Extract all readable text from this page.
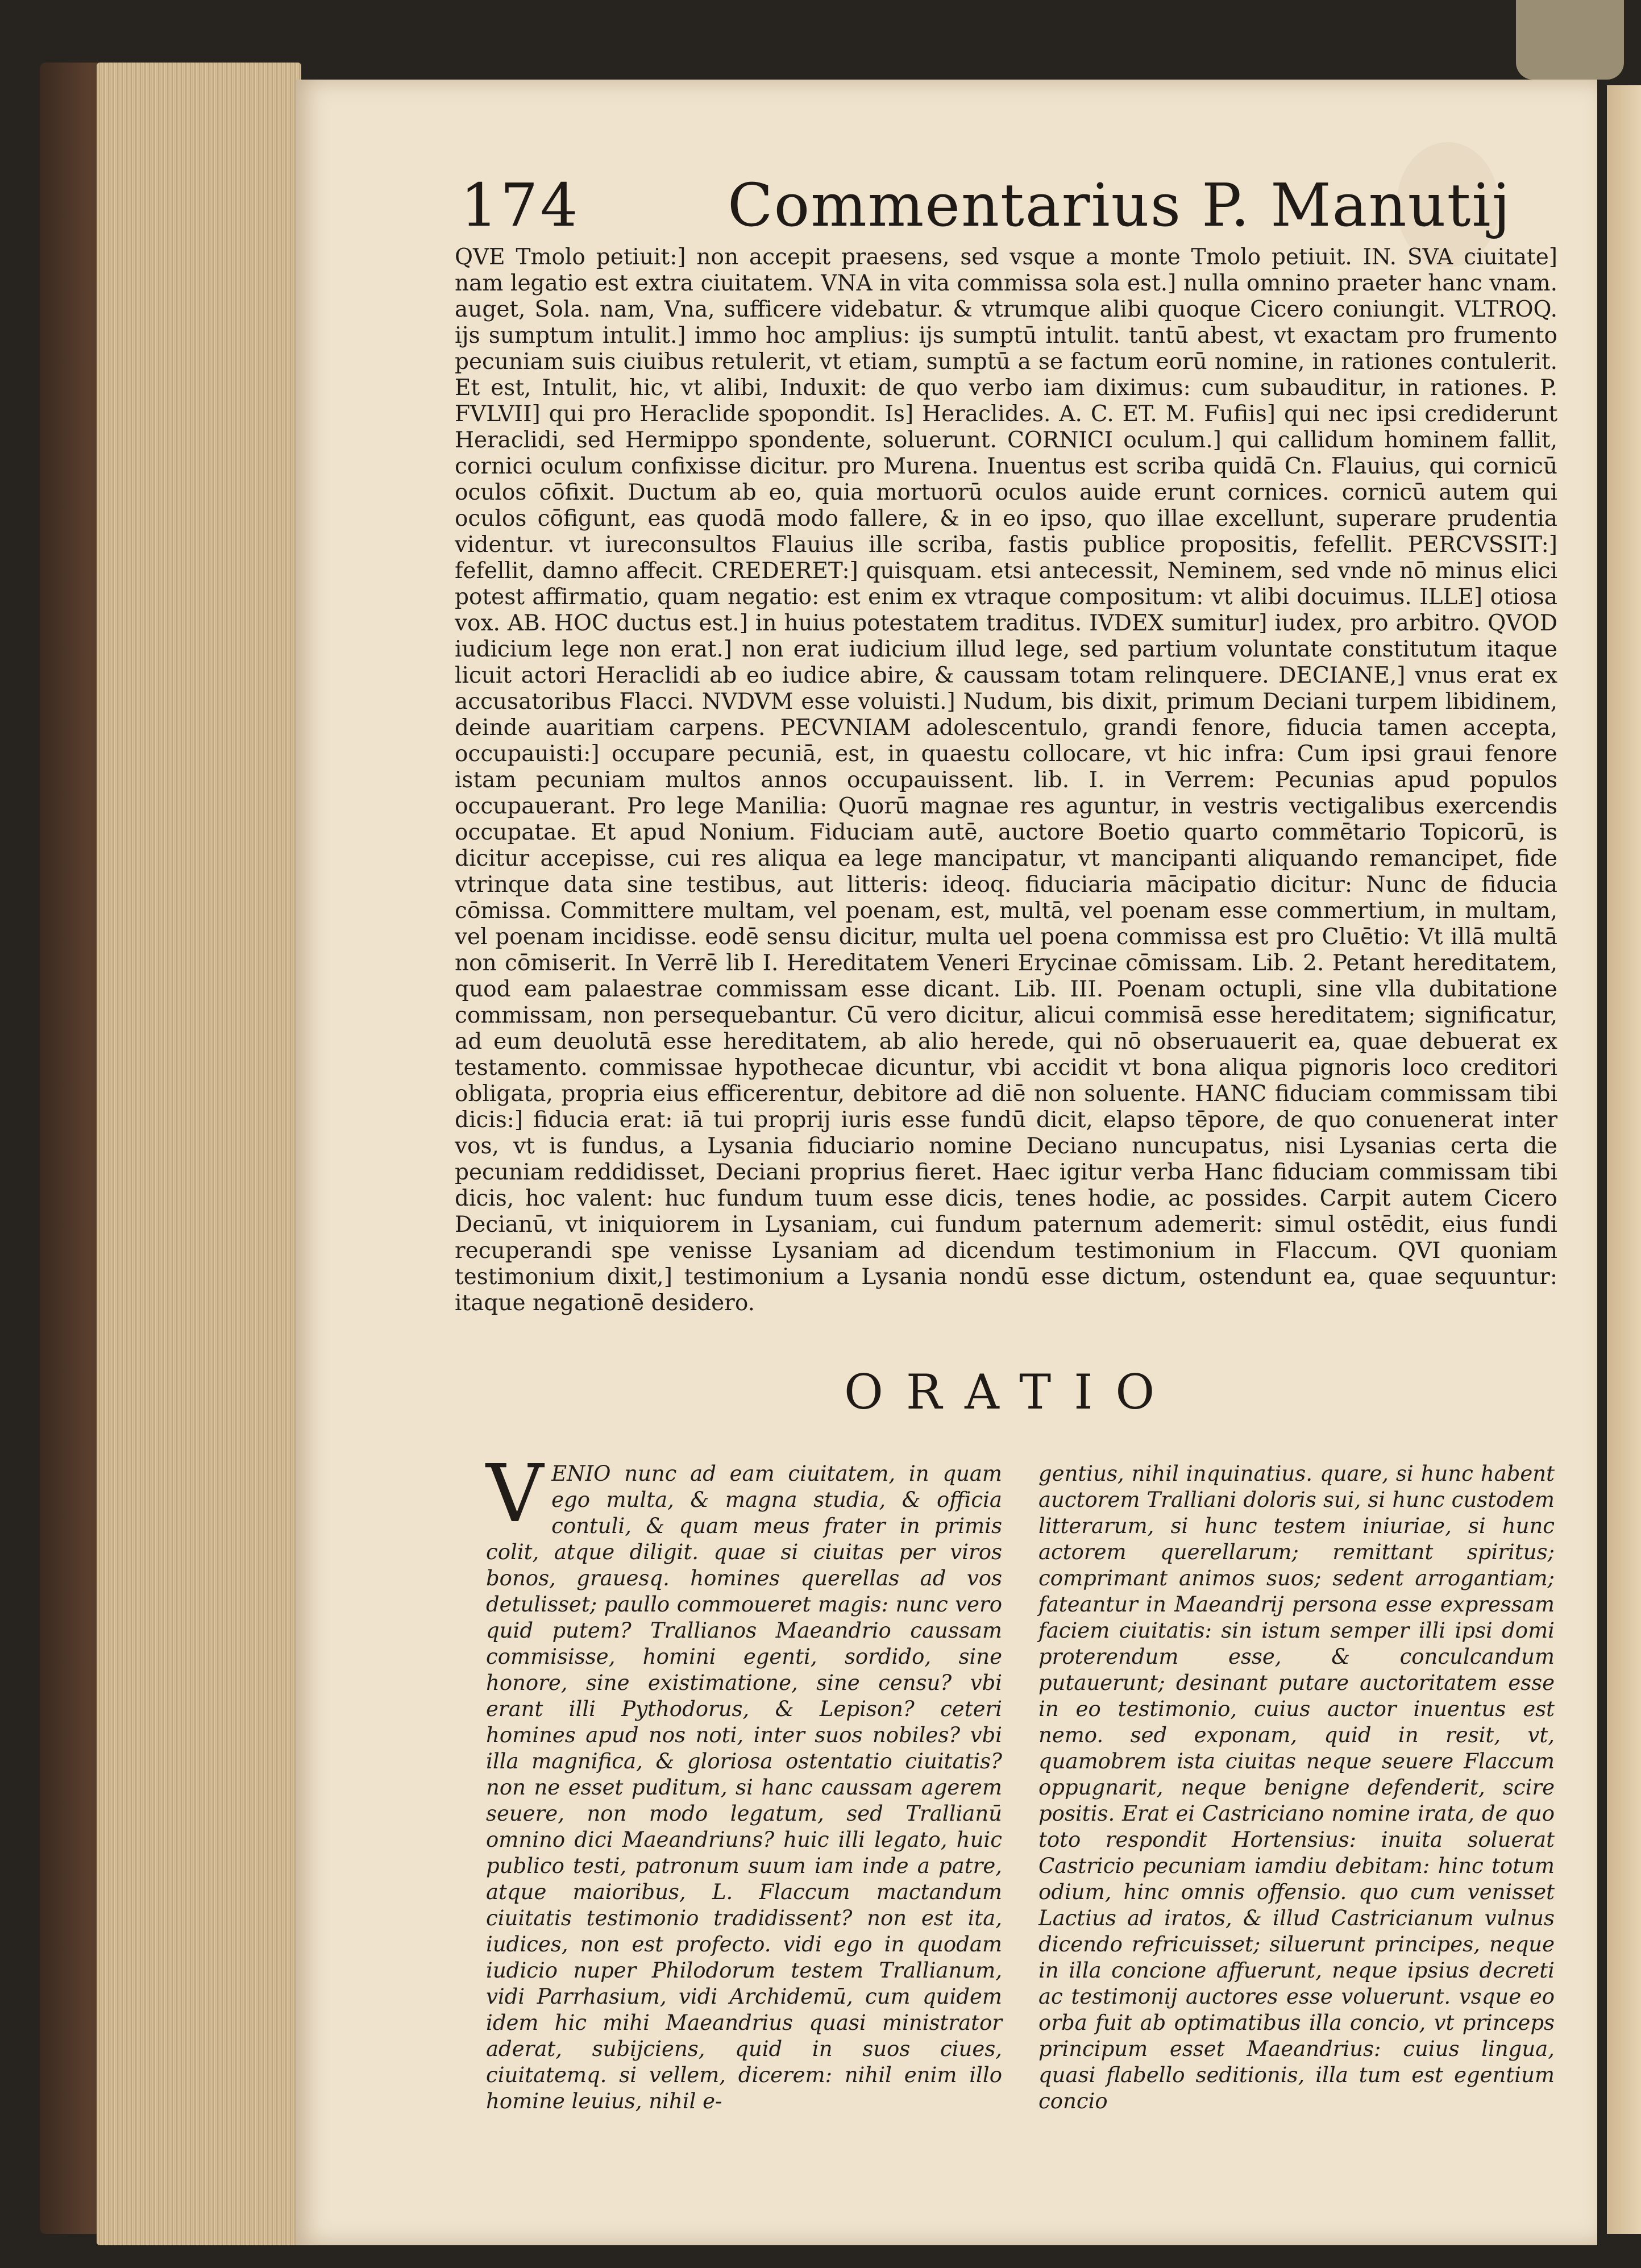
174 Commentarius P. Manutij
QVE Tmolo petiuit:] non accepit praesens, sed vsque a monte Tmolo petiuit. IN. SVA ciuitate] nam legatio est extra ciuitatem. VNA in vita commissa sola est.] nulla omnino praeter hanc vnam. auget, Sola. nam, Vna, sufficere videbatur. & vtrumque alibi quoque Cicero coniungit. VLTROQ. ijs sumptum intulit.] immo hoc amplius: ijs sumptū intulit. tantū abest, vt exactam pro frumento pecuniam suis ciuibus retulerit, vt etiam, sumptū a se factum eorū nomine, in rationes contulerit. Et est, Intulit, hic, vt alibi, Induxit: de quo verbo iam diximus: cum subauditur, in rationes. P. FVLVII] qui pro Heraclide spopondit. Is] Heraclides. A. C. ET. M. Fufiis] qui nec ipsi crediderunt Heraclidi, sed Hermippo spondente, soluerunt. CORNICI oculum.] qui callidum hominem fallit, cornici oculum confixisse dicitur. pro Murena. Inuentus est scriba quidā Cn. Flauius, qui cornicū oculos cōfixit. Ductum ab eo, quia mortuorū oculos auide erunt cornices. cornicū autem qui oculos cōfigunt, eas quodā modo fallere, & in eo ipso, quo illae excellunt, superare prudentia videntur. vt iureconsultos Flauius ille scriba, fastis publice propositis, fefellit. PERCVSSIT:] fefellit, damno affecit. CREDERET:] quisquam. etsi antecessit, Neminem, sed vnde nō minus elici potest affirmatio, quam negatio: est enim ex vtraque compositum: vt alibi docuimus. ILLE] otiosa vox. AB. HOC ductus est.] in huius potestatem traditus. IVDEX sumitur] iudex, pro arbitro. QVOD iudicium lege non erat.] non erat iudicium illud lege, sed partium voluntate constitutum itaque licuit actori Heraclidi ab eo iudice abire, & caussam totam relinquere. DECIANE,] vnus erat ex accusatoribus Flacci. NVDVM esse voluisti.] Nudum, bis dixit, primum Deciani turpem libidinem, deinde auaritiam carpens. PECVNIAM adolescentulo, grandi fenore, fiducia tamen accepta, occupauisti:] occupare pecuniā, est, in quaestu collocare, vt hic infra: Cum ipsi graui fenore istam pecuniam multos annos occupauissent. lib. I. in Verrem: Pecunias apud populos occupauerant. Pro lege Manilia: Quorū magnae res aguntur, in vestris vectigalibus exercendis occupatae. Et apud Nonium. Fiduciam autē, auctore Boetio quarto commētario Topicorū, is dicitur accepisse, cui res aliqua ea lege mancipatur, vt mancipanti aliquando remancipet, fide vtrinque data sine testibus, aut litteris: ideoq. fiduciaria mācipatio dicitur: Nunc de fiducia cōmissa. Committere multam, vel poenam, est, multā, vel poenam esse commertium, in multam, vel poenam incidisse. eodē sensu dicitur, multa uel poena commissa est pro Cluētio: Vt illā multā non cōmiserit. In Verrē lib I. Hereditatem Veneri Erycinae cōmissam. Lib. 2. Petant hereditatem, quod eam palaestrae commissam esse dicant. Lib. III. Poenam octupli, sine vlla dubitatione commissam, non persequebantur. Cū vero dicitur, alicui commisā esse hereditatem; significatur, ad eum deuolutā esse hereditatem, ab alio herede, qui nō obseruauerit ea, quae debuerat ex testamento. commissae hypothecae dicuntur, vbi accidit vt bona aliqua pignoris loco creditori obligata, propria eius efficerentur, debitore ad diē non soluente. HANC fiduciam commissam tibi dicis:] fiducia erat: iā tui proprij iuris esse fundū dicit, elapso tēpore, de quo conuenerat inter vos, vt is fundus, a Lysania fiduciario nomine Deciano nuncupatus, nisi Lysanias certa die pecuniam reddidisset, Deciani proprius fieret. Haec igitur verba Hanc fiduciam commissam tibi dicis, hoc valent: huc fundum tuum esse dicis, tenes hodie, ac possides. Carpit autem Cicero Decianū, vt iniquiorem in Lysaniam, cui fundum paternum ademerit: simul ostēdit, eius fundi recuperandi spe venisse Lysaniam ad dicendum testimonium in Flaccum. QVI quoniam testimonium dixit,] testimonium a Lysania nondū esse dictum, ostendunt ea, quae sequuntur: itaque negationē desidero.
ORATIO
V ENIO nunc ad eam ciuitatem, in quam ego multa, & magna studia, & officia contuli, & quam meus frater in primis colit, atque diligit. quae si ciuitas per viros bonos, grauesq. homines querellas ad vos detulisset; paullo commoueret magis: nunc vero quid putem? Trallianos Maeandrio caussam commisisse, homini egenti, sordido, sine honore, sine existimatione, sine censu? vbi erant illi Pythodorus, & Lepison? ceteri homines apud nos noti, inter suos nobiles? vbi illa magnifica, & gloriosa ostentatio ciuitatis? non ne esset puditum, si hanc caussam agerem seuere, non modo legatum, sed Trallianū omnino dici Maeandriuns? huic illi legato, huic publico testi, patronum suum iam inde a patre, atque maioribus, L. Flaccum mactandum ciuitatis testimonio tradidissent? non est ita, iudices, non est profecto. vidi ego in quodam iudicio nuper Philodorum testem Trallianum, vidi Parrhasium, vidi Archidemū, cum quidem idem hic mihi Maeandrius quasi ministrator aderat, subijciens, quid in suos ciues, ciuitatemq. si vellem, dicerem: nihil enim illo homine leuius, nihil e-
gentius, nihil inquinatius. quare, si hunc habent auctorem Tralliani doloris sui, si hunc custodem litterarum, si hunc testem iniuriae, si hunc actorem querellarum; remittant spiritus; comprimant animos suos; sedent arrogantiam; fateantur in Maeandrij persona esse expressam faciem ciuitatis: sin istum semper illi ipsi domi proterendum esse, & conculcandum putauerunt; desinant putare auctoritatem esse in eo testimonio, cuius auctor inuentus est nemo. sed exponam, quid in resit, vt, quamobrem ista ciuitas neque seuere Flaccum oppugnarit, neque benigne defenderit, scire positis. Erat ei Castriciano nomine irata, de quo toto respondit Hortensius: inuita soluerat Castricio pecuniam iamdiu debitam: hinc totum odium, hinc omnis offensio. quo cum venisset Lactius ad iratos, & illud Castricianum vulnus dicendo refricuisset; siluerunt principes, neque in illa concione affuerunt, neque ipsius decreti ac testimonij auctores esse voluerunt. vsque eo orba fuit ab optimatibus illa concio, vt princeps principum esset Maeandrius: cuius lingua, quasi flabello seditionis, illa tum est egentium concio
